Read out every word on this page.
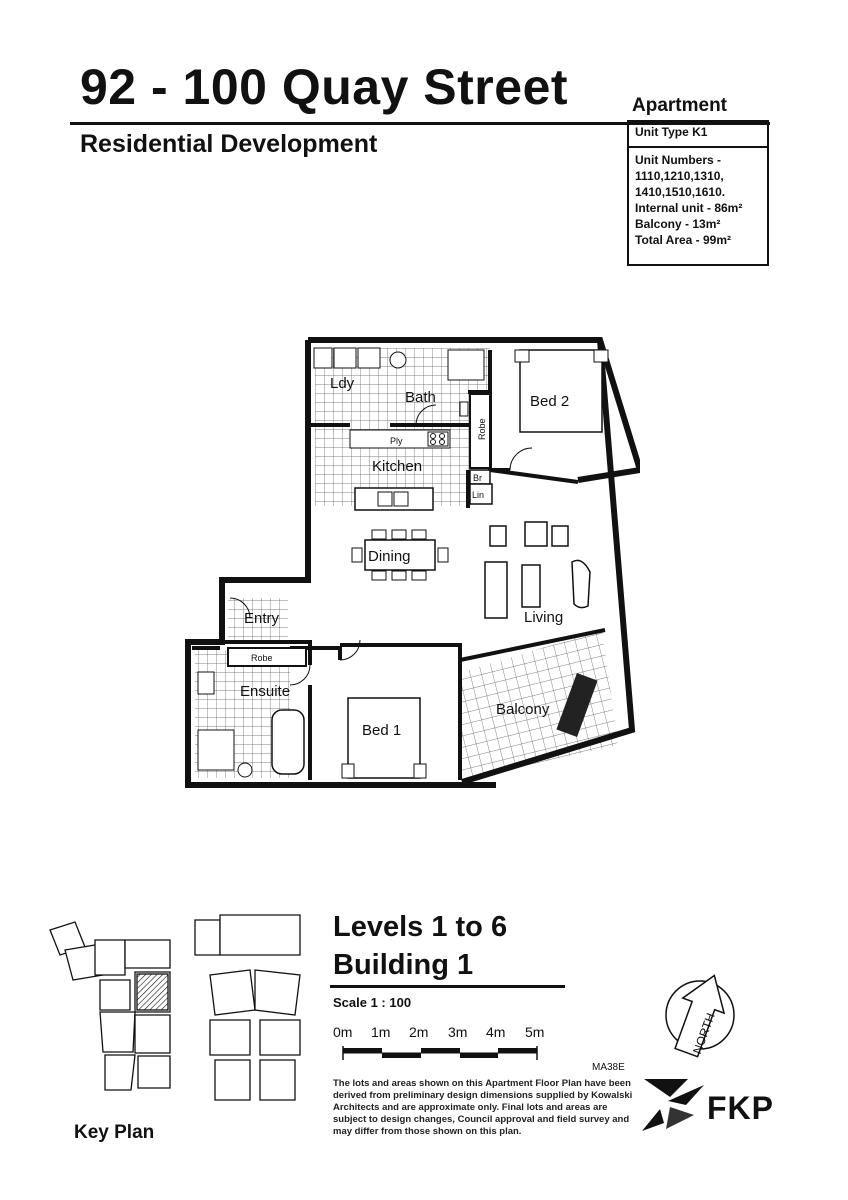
92 - 100 Quay Street
Residential Development
Apartment
Unit Type K1
Unit Numbers -
1110,1210,1310,
1410,1510,1610.
Internal unit - 86m²
Balcony - 13m²
Total Area - 99m²
Robe
Robe
Br
Lin
Ldy
Bath	Bed 2
Ply
Kitchen
Dining
Living
Entry
Ensuite
Bed 1
Balcony
Key Plan
Levels 1 to 6
Building 1
Scale 1 : 100
0m 1m 2m 3m 4m 5m
MA38E
The lots and areas shown on this Apartment Floor Plan have been derived from preliminary design dimensions supplied by Kowalski Architects and are approximate only. Final lots and areas are subject to design changes, Council approval and field survey and may differ from those shown on this plan.
NORTH
FKP
